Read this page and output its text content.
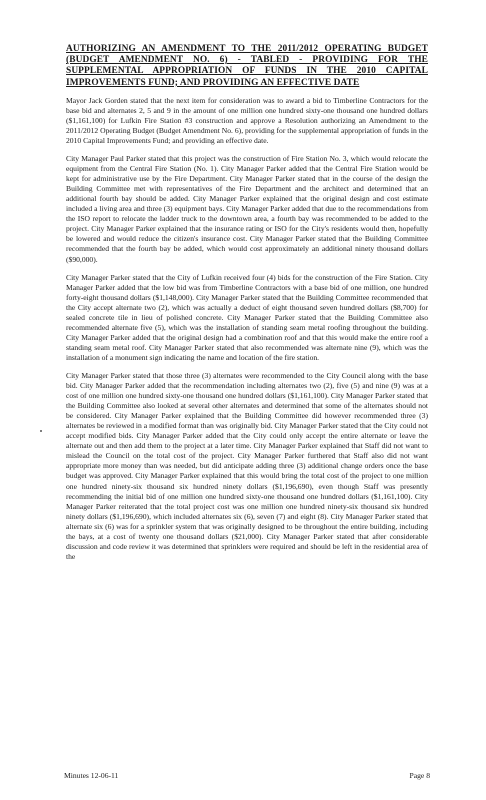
AUTHORIZING AN AMENDMENT TO THE 2011/2012 OPERATING BUDGET (BUDGET AMENDMENT NO. 6) - TABLED - PROVIDING FOR THE SUPPLEMENTAL APPROPRIATION OF FUNDS IN THE 2010 CAPITAL IMPROVEMENTS FUND; AND PROVIDING AN EFFECTIVE DATE
Mayor Jack Gorden stated that the next item for consideration was to award a bid to Timberline Contractors for the base bid and alternates 2, 5 and 9 in the amount of one million one hundred sixty-one thousand one hundred dollars ($1,161,100) for Lufkin Fire Station #3 construction and approve a Resolution authorizing an Amendment to the 2011/2012 Operating Budget (Budget Amendment No. 6), providing for the supplemental appropriation of funds in the 2010 Capital Improvements Fund; and providing an effective date.
City Manager Paul Parker stated that this project was the construction of Fire Station No. 3, which would relocate the equipment from the Central Fire Station (No. 1). City Manager Parker added that the Central Fire Station would be kept for administrative use by the Fire Department. City Manager Parker stated that in the course of the design the Building Committee met with representatives of the Fire Department and the architect and determined that an additional fourth bay should be added. City Manager Parker explained that the original design and cost estimate included a living area and three (3) equipment bays. City Manager Parker added that due to the recommendations from the ISO report to relocate the ladder truck to the downtown area, a fourth bay was recommended to be added to the project. City Manager Parker explained that the insurance rating or ISO for the City's residents would then, hopefully be lowered and would reduce the citizen's insurance cost. City Manager Parker stated that the Building Committee recommended that the fourth bay be added, which would cost approximately an additional ninety thousand dollars ($90,000).
City Manager Parker stated that the City of Lufkin received four (4) bids for the construction of the Fire Station. City Manager Parker added that the low bid was from Timberline Contractors with a base bid of one million, one hundred forty-eight thousand dollars ($1,148,000). City Manager Parker stated that the Building Committee recommended that the City accept alternate two (2), which was actually a deduct of eight thousand seven hundred dollars ($8,700) for sealed concrete tile in lieu of polished concrete. City Manager Parker stated that the Building Committee also recommended alternate five (5), which was the installation of standing seam metal roofing throughout the building. City Manager Parker added that the original design had a combination roof and that this would make the entire roof a standing seam metal roof. City Manager Parker stated that also recommended was alternate nine (9), which was the installation of a monument sign indicating the name and location of the fire station.
City Manager Parker stated that those three (3) alternates were recommended to the City Council along with the base bid. City Manager Parker added that the recommendation including alternates two (2), five (5) and nine (9) was at a cost of one million one hundred sixty-one thousand one hundred dollars ($1,161,100). City Manager Parker stated that the Building Committee also looked at several other alternates and determined that some of the alternates should not be considered. City Manager Parker explained that the Building Committee did however recommended three (3) alternates be reviewed in a modified format than was originally bid. City Manager Parker stated that the City could not accept modified bids. City Manager Parker added that the City could only accept the entire alternate or leave the alternate out and then add them to the project at a later time. City Manager Parker explained that Staff did not want to mislead the Council on the total cost of the project. City Manager Parker furthered that Staff also did not want appropriate more money than was needed, but did anticipate adding three (3) additional change orders once the base budget was approved. City Manager Parker explained that this would bring the total cost of the project to one million one hundred ninety-six thousand six hundred ninety dollars ($1,196,690), even though Staff was presently recommending the initial bid of one million one hundred sixty-one thousand one hundred dollars ($1,161,100). City Manager Parker reiterated that the total project cost was one million one hundred ninety-six thousand six hundred ninety dollars ($1,196,690), which included alternates six (6), seven (7) and eight (8). City Manager Parker stated that alternate six (6) was for a sprinkler system that was originally designed to be throughout the entire building, including the bays, at a cost of twenty one thousand dollars ($21,000). City Manager Parker stated that after considerable discussion and code review it was determined that sprinklers were required and should be left in the residential area of the
Minutes 12-06-11	Page 8
